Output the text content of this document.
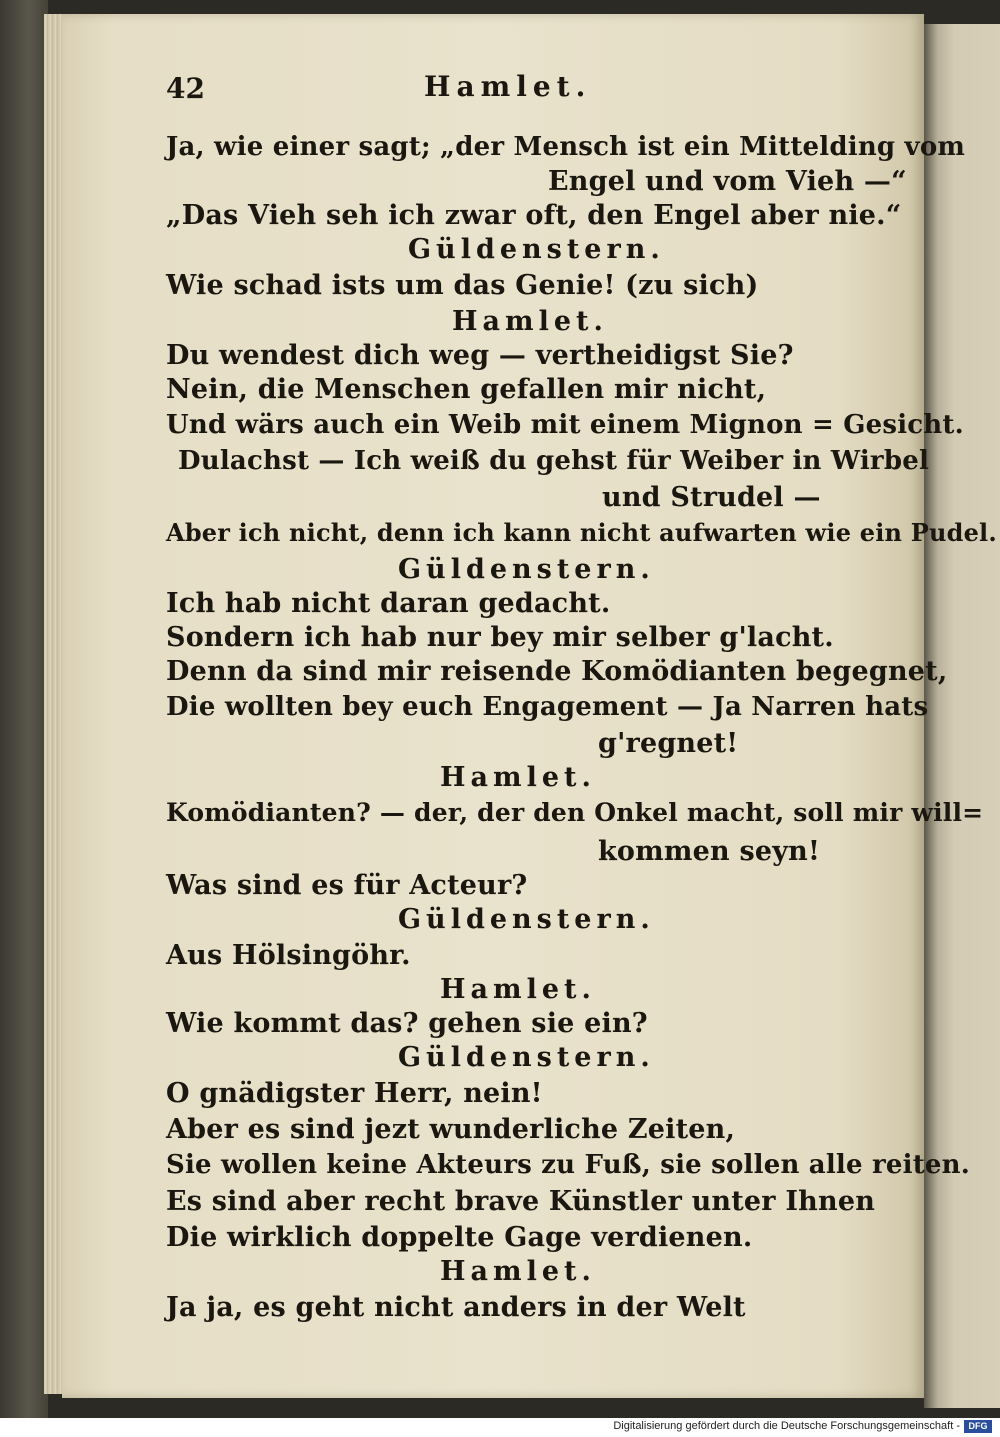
42	Hamlet.
Ja, wie einer sagt; „der Mensch ist ein Mittelding vom
Engel und vom Vieh —“
„Das Vieh seh ich zwar oft, den Engel aber nie.“
Güldenstern.
Wie schad ists um das Genie! (zu sich)
Hamlet.
Du wendest dich weg — vertheidigst Sie?
Nein, die Menschen gefallen mir nicht,
Und wärs auch ein Weib mit einem Mignon = Gesicht.
Dulachst — Ich weiß du gehst für Weiber in Wirbel
und Strudel —
Aber ich nicht, denn ich kann nicht aufwarten wie ein Pudel.
Güldenstern.
Ich hab nicht daran gedacht.
Sondern ich hab nur bey mir selber g'lacht.
Denn da sind mir reisende Komödianten begegnet,
Die wollten bey euch Engagement — Ja Narren hats
g'regnet!
Hamlet.
Komödianten? — der, der den Onkel macht, soll mir will=
kommen seyn!
Was sind es für Acteur?
Güldenstern.
Aus Hölsingöhr.
Hamlet.
Wie kommt das? gehen sie ein?
Güldenstern.
O gnädigster Herr, nein!
Aber es sind jezt wunderliche Zeiten,
Sie wollen keine Akteurs zu Fuß, sie sollen alle reiten.
Es sind aber recht brave Künstler unter Ihnen
Die wirklich doppelte Gage verdienen.
Hamlet.
Ja ja, es geht nicht anders in der Welt
Digitalisierung gefördert durch die Deutsche Forschungsgemeinschaft - DFG
